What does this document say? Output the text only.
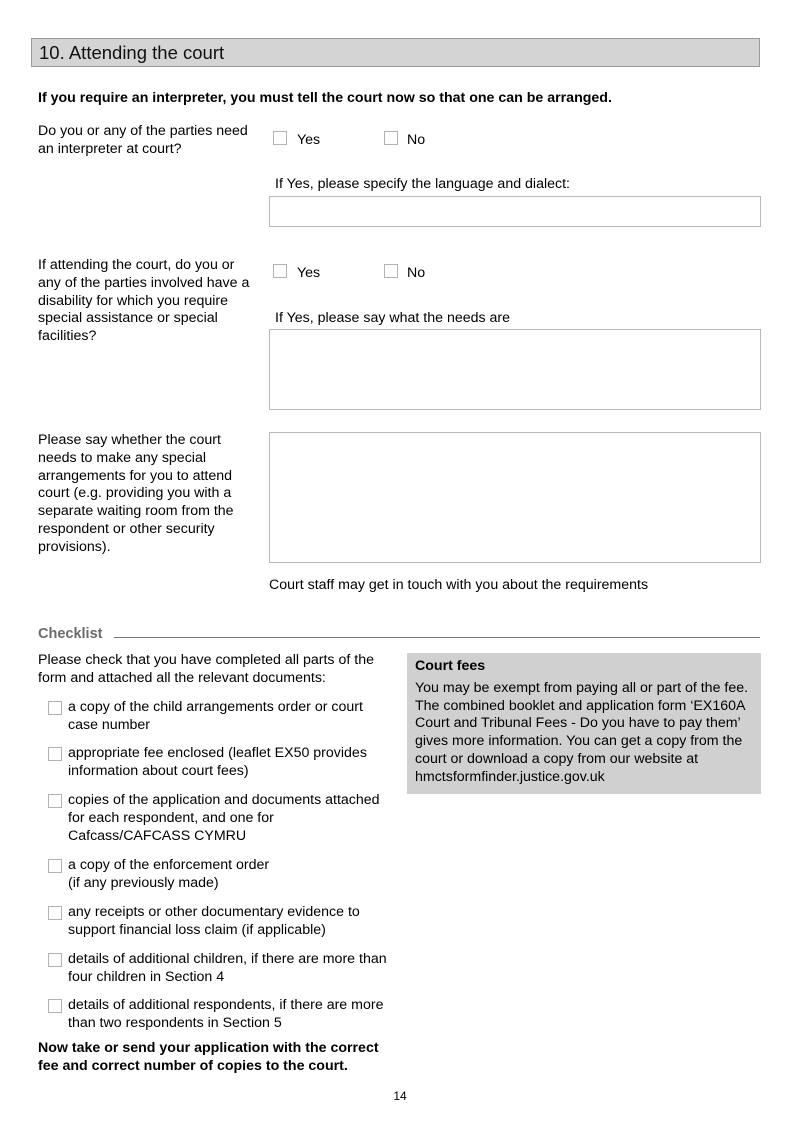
10. Attending the court
If you require an interpreter, you must tell the court now so that one can be arranged.
Do you or any of the parties need an interpreter at court?
Yes	No
If Yes, please specify the language and dialect:
If attending the court, do you or any of the parties involved have a disability for which you require special assistance or special facilities?
Yes	No
If Yes, please say what the needs are
Please say whether the court needs to make any special arrangements for you to attend court (e.g. providing you with a separate waiting room from the respondent or other security provisions).
Court staff may get in touch with you about the requirements
Checklist
Please check that you have completed all parts of the form and attached all the relevant documents:
a copy of the child arrangements order or court case number
appropriate fee enclosed (leaflet EX50 provides information about court fees)
copies of the application and documents attached for each respondent, and one for Cafcass/CAFCASS CYMRU
a copy of the enforcement order
(if any previously made)
any receipts or other documentary evidence to support financial loss claim (if applicable)
details of additional children, if there are more than four children in Section 4
details of additional respondents, if there are more than two respondents in Section 5
Now take or send your application with the correct fee and correct number of copies to the court.
Court fees
You may be exempt from paying all or part of the fee. The combined booklet and application form ‘EX160A Court and Tribunal Fees - Do you have to pay them’ gives more information. You can get a copy from the court or download a copy from our website at hmctsformfinder.justice.gov.uk
14
